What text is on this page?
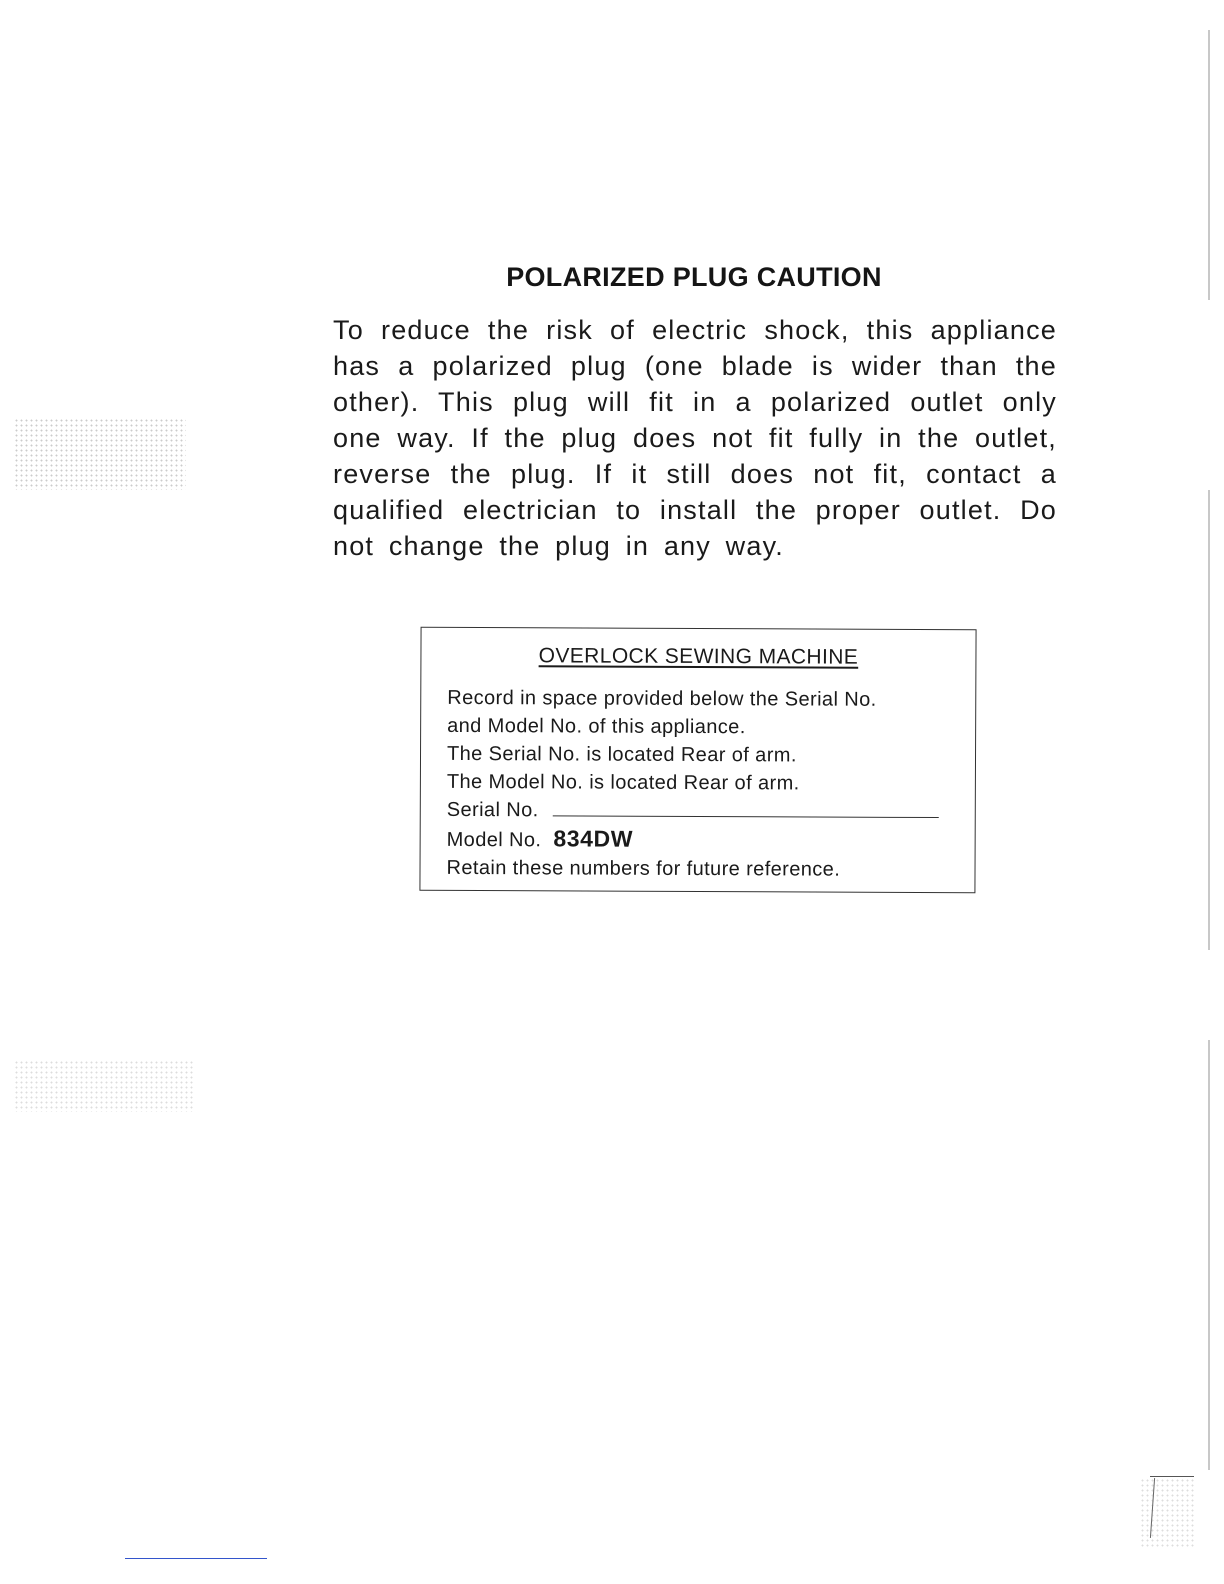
POLARIZED PLUG CAUTION
To reduce the risk of electric shock, this appliance has a polarized plug (one blade is wider than the other). This plug will fit in a polarized outlet only one way. If the plug does not fit fully in the outlet, reverse the plug. If it still does not fit, contact a qualified electrician to install the proper outlet. Do not change the plug in any way.
OVERLOCK SEWING MACHINE
Record in space provided below the Serial No.
and Model No. of this appliance.
The Serial No. is located Rear of arm.
The Model No. is located Rear of arm.
Serial No.
Model No. 834DW
Retain these numbers for future reference.
